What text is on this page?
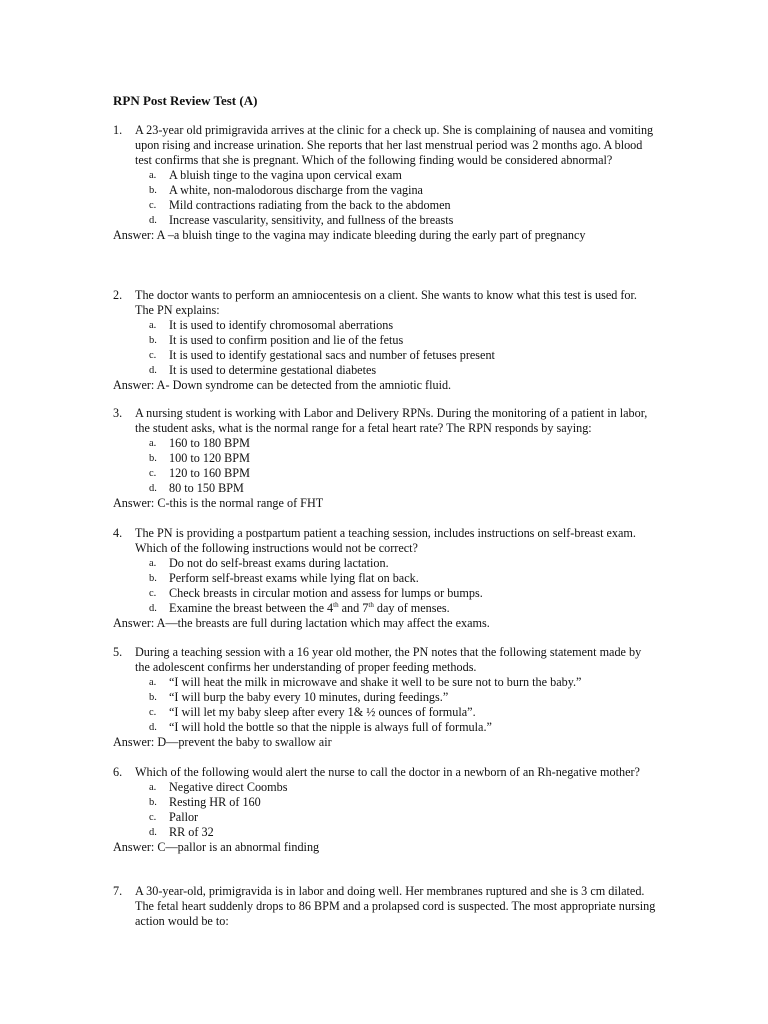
RPN Post Review Test (A)
1. A 23-year old primigravida arrives at the clinic for a check up. She is complaining of nausea and vomiting upon rising and increase urination. She reports that her last menstrual period was 2 months ago. A blood test confirms that she is pregnant. Which of the following finding would be considered abnormal?
a. A bluish tinge to the vagina upon cervical exam
b. A white, non-malodorous discharge from the vagina
c. Mild contractions radiating from the back to the abdomen
d. Increase vascularity, sensitivity, and fullness of the breasts
Answer: A –a bluish tinge to the vagina may indicate bleeding during the early part of pregnancy
2. The doctor wants to perform an amniocentesis on a client. She wants to know what this test is used for. The PN explains:
a. It is used to identify chromosomal aberrations
b. It is used to confirm position and lie of the fetus
c. It is used to identify gestational sacs and number of fetuses present
d. It is used to determine gestational diabetes
Answer: A- Down syndrome can be detected from the amniotic fluid.
3. A nursing student is working with Labor and Delivery RPNs. During the monitoring of a patient in labor, the student asks, what is the normal range for a fetal heart rate? The RPN responds by saying:
a. 160 to 180 BPM
b. 100 to 120 BPM
c. 120 to 160 BPM
d. 80 to 150 BPM
Answer: C-this is the normal range of FHT
4. The PN is providing a postpartum patient a teaching session, includes instructions on self-breast exam. Which of the following instructions would not be correct?
a. Do not do self-breast exams during lactation.
b. Perform self-breast exams while lying flat on back.
c. Check breasts in circular motion and assess for lumps or bumps.
d. Examine the breast between the 4th and 7th day of menses.
Answer: A—the breasts are full during lactation which may affect the exams.
5. During a teaching session with a 16 year old mother, the PN notes that the following statement made by the adolescent confirms her understanding of proper feeding methods.
a. “I will heat the milk in microwave and shake it well to be sure not to burn the baby.”
b. “I will burp the baby every 10 minutes, during feedings.”
c. “I will let my baby sleep after every 1& ½ ounces of formula”.
d. “I will hold the bottle so that the nipple is always full of formula.”
Answer: D—prevent the baby to swallow air
6. Which of the following would alert the nurse to call the doctor in a newborn of an Rh-negative mother?
a. Negative direct Coombs
b. Resting HR of 160
c. Pallor
d. RR of 32
Answer: C—pallor is an abnormal finding
7. A 30-year-old, primigravida is in labor and doing well. Her membranes ruptured and she is 3 cm dilated. The fetal heart suddenly drops to 86 BPM and a prolapsed cord is suspected. The most appropriate nursing action would be to:
